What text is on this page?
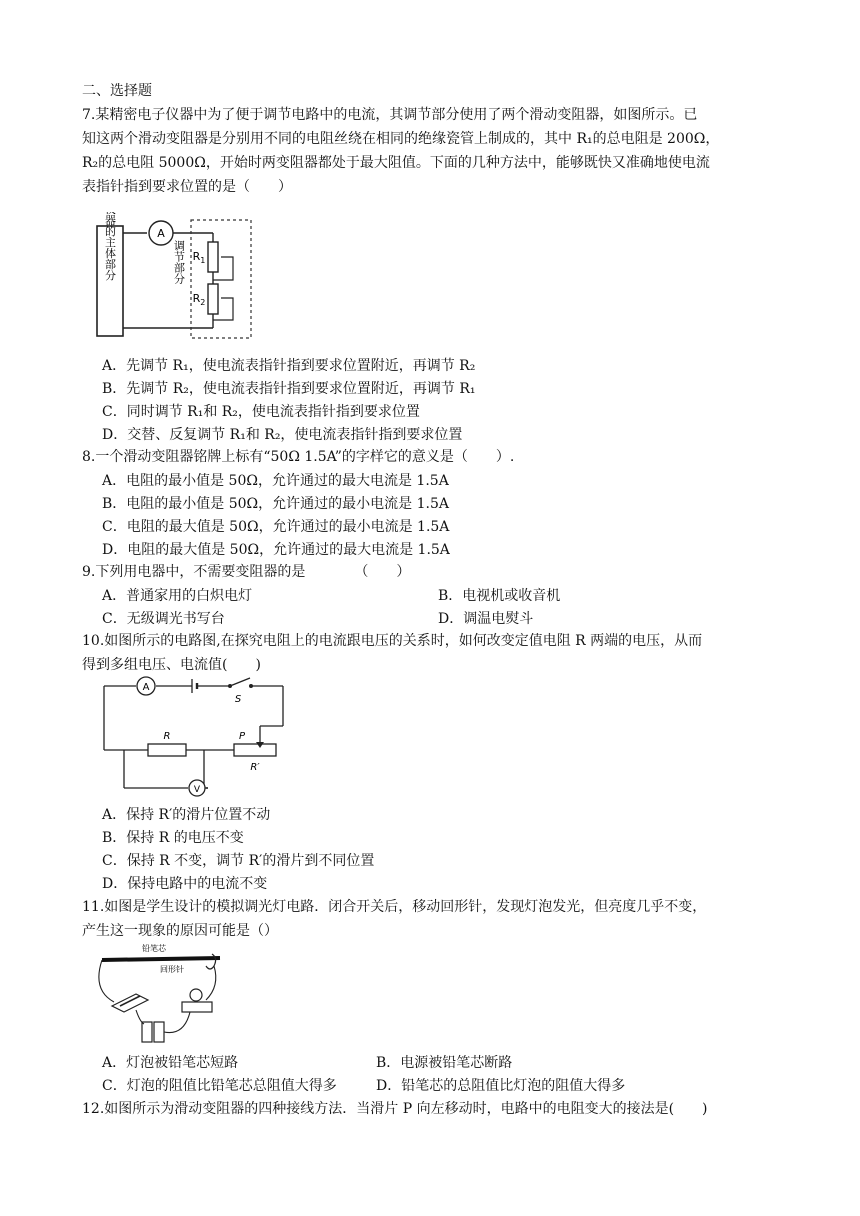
二、选择题
7.某精密电子仪器中为了便于调节电路中的电流，其调节部分使用了两个滑动变阻器，如图所示。已
知这两个滑动变阻器是分别用不同的电阻丝绕在相同的绝缘瓷管上制成的，其中 R₁的总电阻是 200Ω，
R₂的总电阻 5000Ω，开始时两变阻器都处于最大阻值。下面的几种方法中，能够既快又准确地使电流
表指针指到要求位置的是（　　）
仪器的主体部分	A
调节部分 $R_1$
$R_2$
A．先调节 R₁，使电流表指针指到要求位置附近，再调节 R₂
B．先调节 R₂，使电流表指针指到要求位置附近，再调节 R₁
C．同时调节 R₁和 R₂，使电流表指针指到要求位置
D．交替、反复调节 R₁和 R₂，使电流表指针指到要求位置
8.一个滑动变阻器铭牌上标有“50Ω 1.5A”的字样它的意义是（　　）.
A．电阻的最小值是 50Ω，允许通过的最大电流是 1.5A
B．电阻的最小值是 50Ω，允许通过的最小电流是 1.5A
C．电阻的最大值是 50Ω，允许通过的最小电流是 1.5A
D．电阻的最大值是 50Ω，允许通过的最大电流是 1.5A
9.下列用电器中，不需要变阻器的是　　　　（　　）
A．普通家用的白炽电灯	B．电视机或收音机
C．无级调光书写台	D．调温电熨斗
10.如图所示的电路图,在探究电阻上的电流跟电压的关系时，如何改变定值电阻 R 两端的电压，从而
得到多组电压、电流值(　　)
A
S
R	P
R′
V
A．保持 R′的滑片位置不动
B．保持 R 的电压不变
C．保持 R 不变，调节 R′的滑片到不同位置
D．保持电路中的电流不变
11.如图是学生设计的模拟调光灯电路．闭合开关后，移动回形针，发现灯泡发光，但亮度几乎不变，
产生这一现象的原因可能是（）
铅笔芯
回形针
A．灯泡被铅笔芯短路	B．电源被铅笔芯断路
C．灯泡的阻值比铅笔芯总阻值大得多	D．铅笔芯的总阻值比灯泡的阻值大得多
12.如图所示为滑动变阻器的四种接线方法．当滑片 P 向左移动时，电路中的电阻变大的接法是(　　)
